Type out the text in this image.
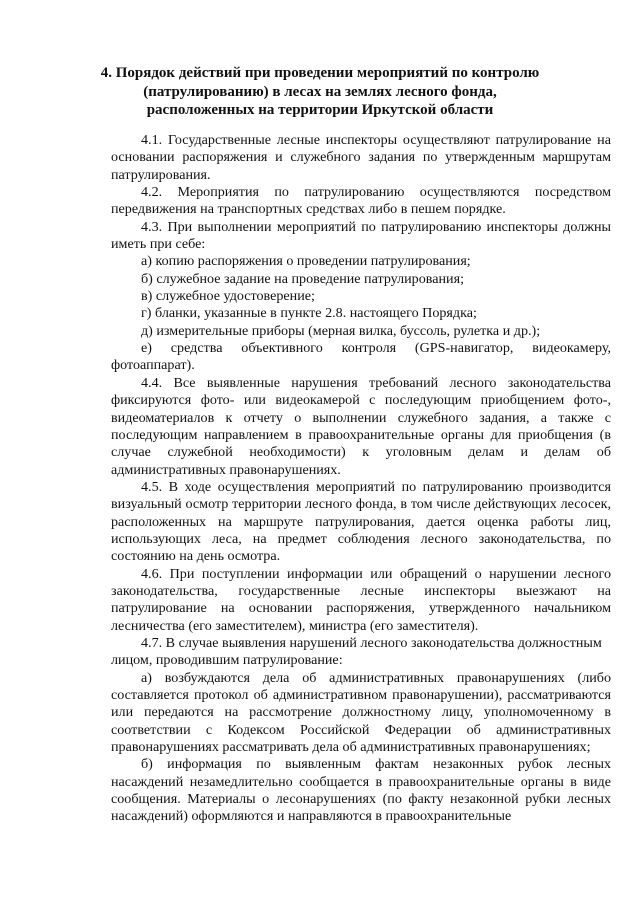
4. Порядок действий при проведении мероприятий по контролю (патрулированию) в лесах на землях лесного фонда, расположенных на территории Иркутской области

4.1. Государственные лесные инспекторы осуществляют патрулирование на основании распоряжения и служебного задания по утвержденным маршрутам патрулирования.

4.2. Мероприятия по патрулированию осуществляются посредством передвижения на транспортных средствах либо в пешем порядке.

4.3. При выполнении мероприятий по патрулированию инспекторы должны иметь при себе:

а) копию распоряжения о проведении патрулирования;

б) служебное задание на проведение патрулирования;

в) служебное удостоверение;

г) бланки, указанные в пункте 2.8. настоящего Порядка;

д) измерительные приборы (мерная вилка, буссоль, рулетка и др.);

е) средства объективного контроля (GPS-навигатор, видеокамеру, фотоаппарат).

4.4. Все выявленные нарушения требований лесного законодательства фиксируются фото- или видеокамерой с последующим приобщением фото-, видеоматериалов к отчету о выполнении служебного задания, а также с последующим направлением в правоохранительные органы для приобщения (в случае служебной необходимости) к уголовным делам и делам об административных правонарушениях.

4.5. В ходе осуществления мероприятий по патрулированию производится визуальный осмотр территории лесного фонда, в том числе действующих лесосек, расположенных на маршруте патрулирования, дается оценка работы лиц, использующих леса, на предмет соблюдения лесного законодательства, по состоянию на день осмотра.

4.6. При поступлении информации или обращений о нарушении лесного законодательства, государственные лесные инспекторы выезжают на патрулирование на основании распоряжения, утвержденного начальником лесничества (его заместителем), министра (его заместителя).

4.7. В случае выявления нарушений лесного законодательства должностным лицом, проводившим патрулирование:

а) возбуждаются дела об административных правонарушениях (либо составляется протокол об административном правонарушении), рассматриваются или передаются на рассмотрение должностному лицу, уполномоченному в соответствии с Кодексом Российской Федерации об административных правонарушениях рассматривать дела об административных правонарушениях;

б) информация по выявленным фактам незаконных рубок лесных насаждений незамедлительно сообщается в правоохранительные органы в виде сообщения. Материалы о лесонарушениях (по факту незаконной рубки лесных насаждений) оформляются и направляются в правоохранительные
